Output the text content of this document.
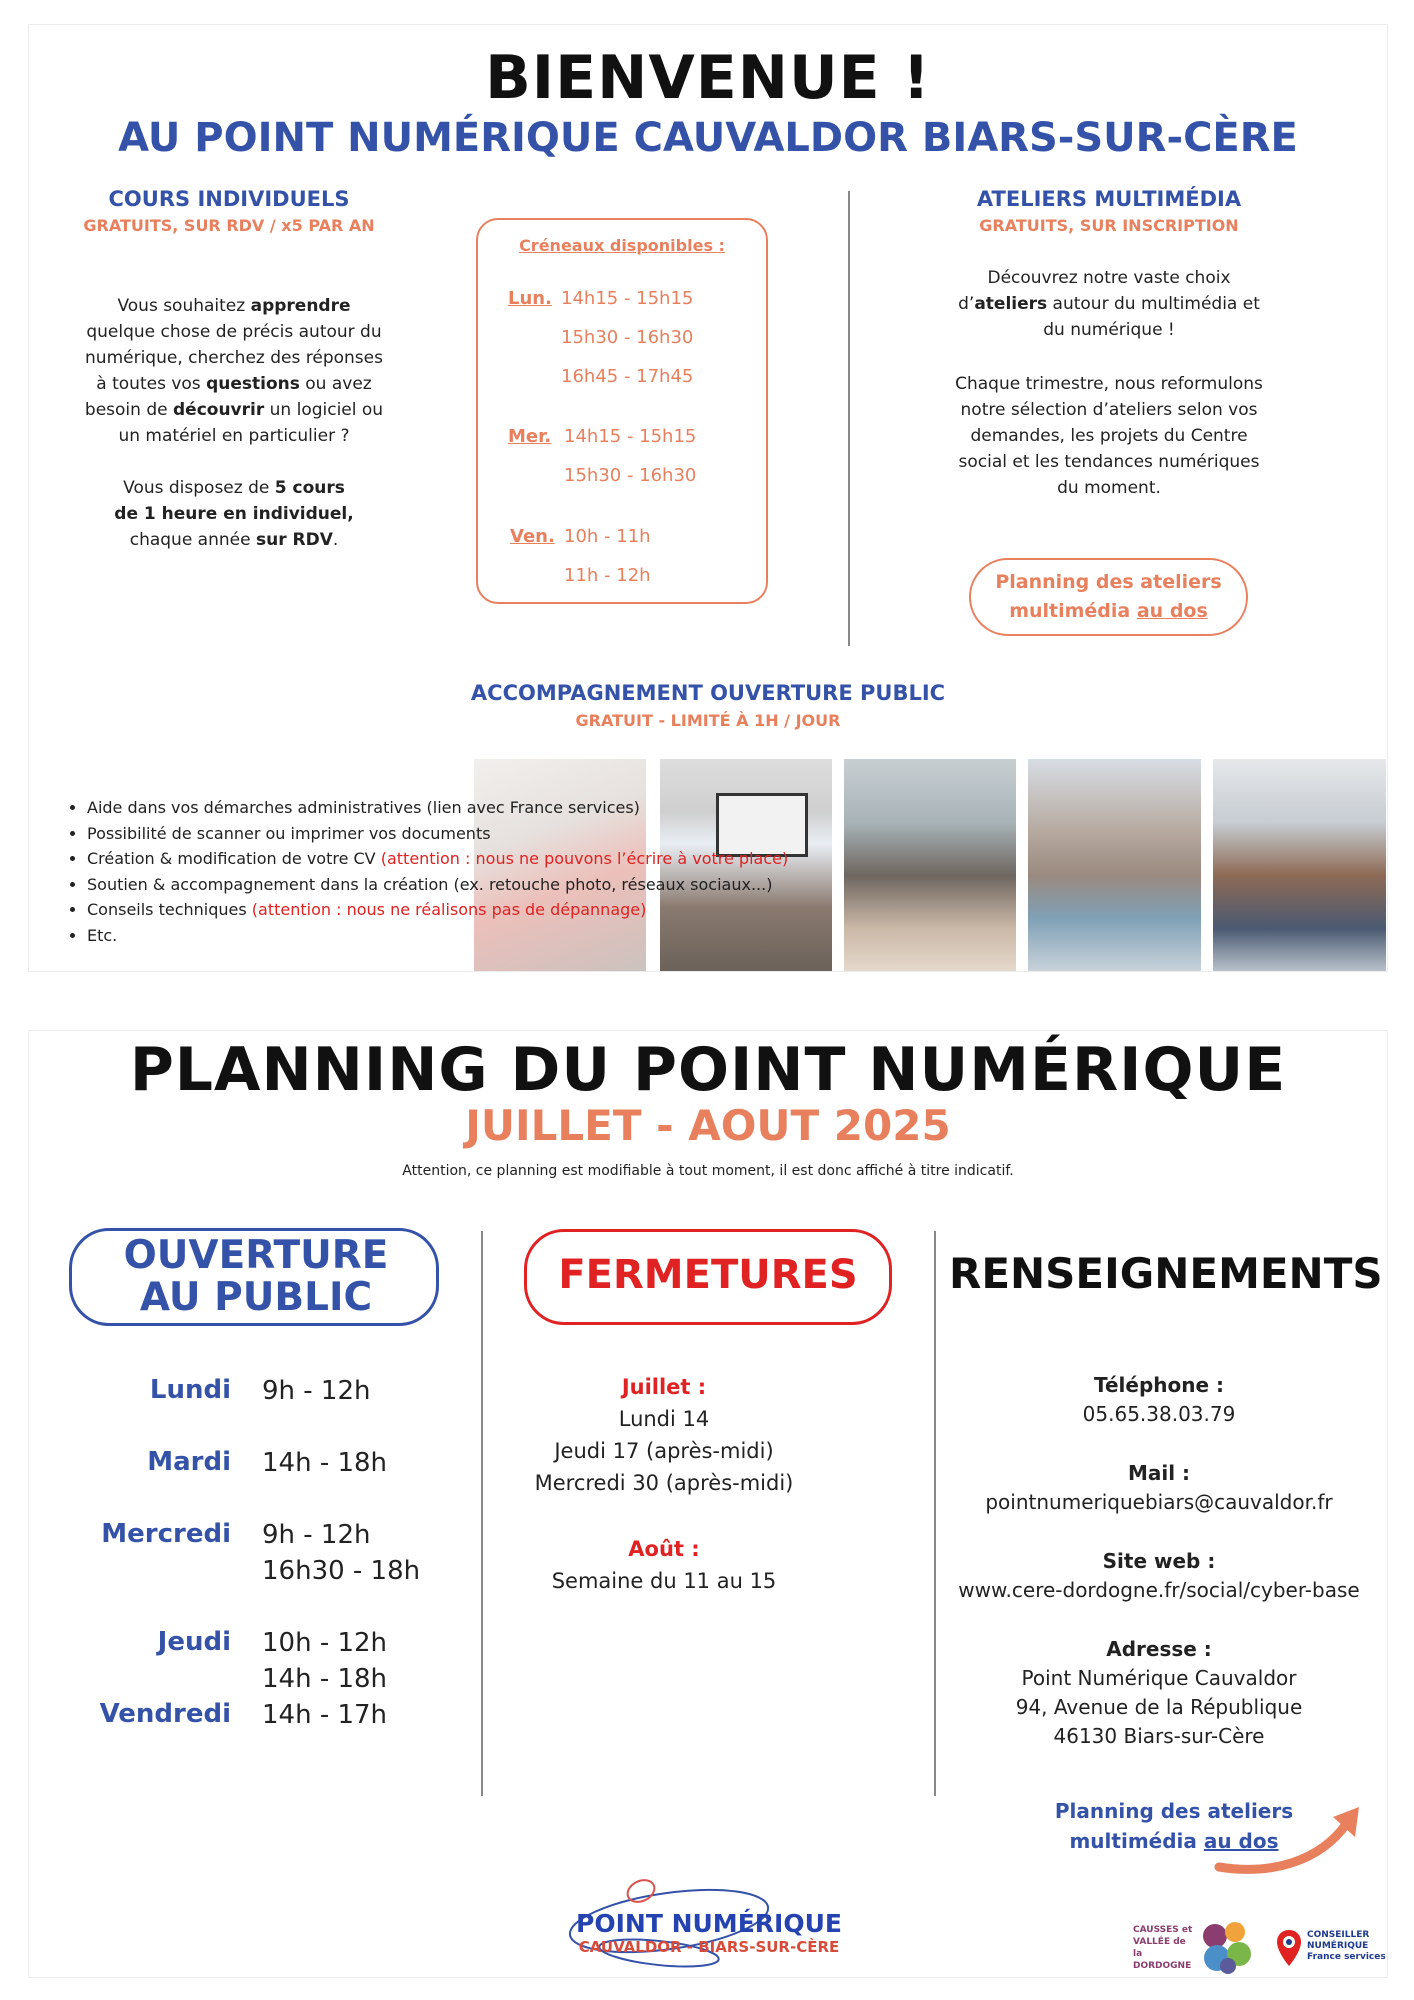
BIENVENUE !
AU POINT NUMÉRIQUE CAUVALDOR BIARS-SUR-CÈRE
COURS INDIVIDUELS
GRATUITS, SUR RDV / x5 PAR AN
Vous souhaitez apprendre quelque chose de précis autour du numérique, cherchez des réponses à toutes vos questions ou avez besoin de découvrir un logiciel ou un matériel en particulier ?
Vous disposez de 5 cours de 1 heure en individuel, chaque année sur RDV.
Créneaux disponibles :
Lun. 14h15 - 15h15
15h30 - 16h30
16h45 - 17h45
Mer. 14h15 - 15h15
15h30 - 16h30
Ven. 10h - 11h
11h - 12h
ATELIERS MULTIMÉDIA
GRATUITS, SUR INSCRIPTION
Découvrez notre vaste choix d’ateliers autour du multimédia et du numérique !
Chaque trimestre, nous reformulons notre sélection d’ateliers selon vos demandes, les projets du Centre social et les tendances numériques du moment.
Planning des ateliers multimédia au dos
ACCOMPAGNEMENT OUVERTURE PUBLIC
GRATUIT - LIMITÉ À 1H / JOUR
• Aide dans vos démarches administratives (lien avec France services)
• Possibilité de scanner ou imprimer vos documents
• Création & modification de votre CV (attention : nous ne pouvons l’écrire à votre place)
• Soutien & accompagnement dans la création (ex. retouche photo, réseaux sociaux...)
• Conseils techniques (attention : nous ne réalisons pas de dépannage)
• Etc.
PLANNING DU POINT NUMÉRIQUE
JUILLET - AOUT 2025
Attention, ce planning est modifiable à tout moment, il est donc affiché à titre indicatif.
OUVERTURE AU PUBLIC
Lundi 9h - 12h
Mardi 14h - 18h
Mercredi 9h - 12h
16h30 - 18h
Jeudi 10h - 12h
14h - 18h
Vendredi 14h - 17h
FERMETURES
Juillet :
Lundi 14
Jeudi 17 (après-midi)
Mercredi 30 (après-midi)
Août :
Semaine du 11 au 15
RENSEIGNEMENTS
Téléphone :
05.65.38.03.79
Mail :
pointnumeriquebiars@cauvaldor.fr
Site web :
www.cere-dordogne.fr/social/cyber-base
Adresse :
Point Numérique Cauvaldor
94, Avenue de la République
46130 Biars-sur-Cère
Planning des ateliers multimédia au dos
POINT NUMÉRIQUE
CAUVALDOR - BIARS-SUR-CÈRE
CAUSSES et VALLÉE de la DORDOGNE
CONSEILLER NUMÉRIQUE France services
